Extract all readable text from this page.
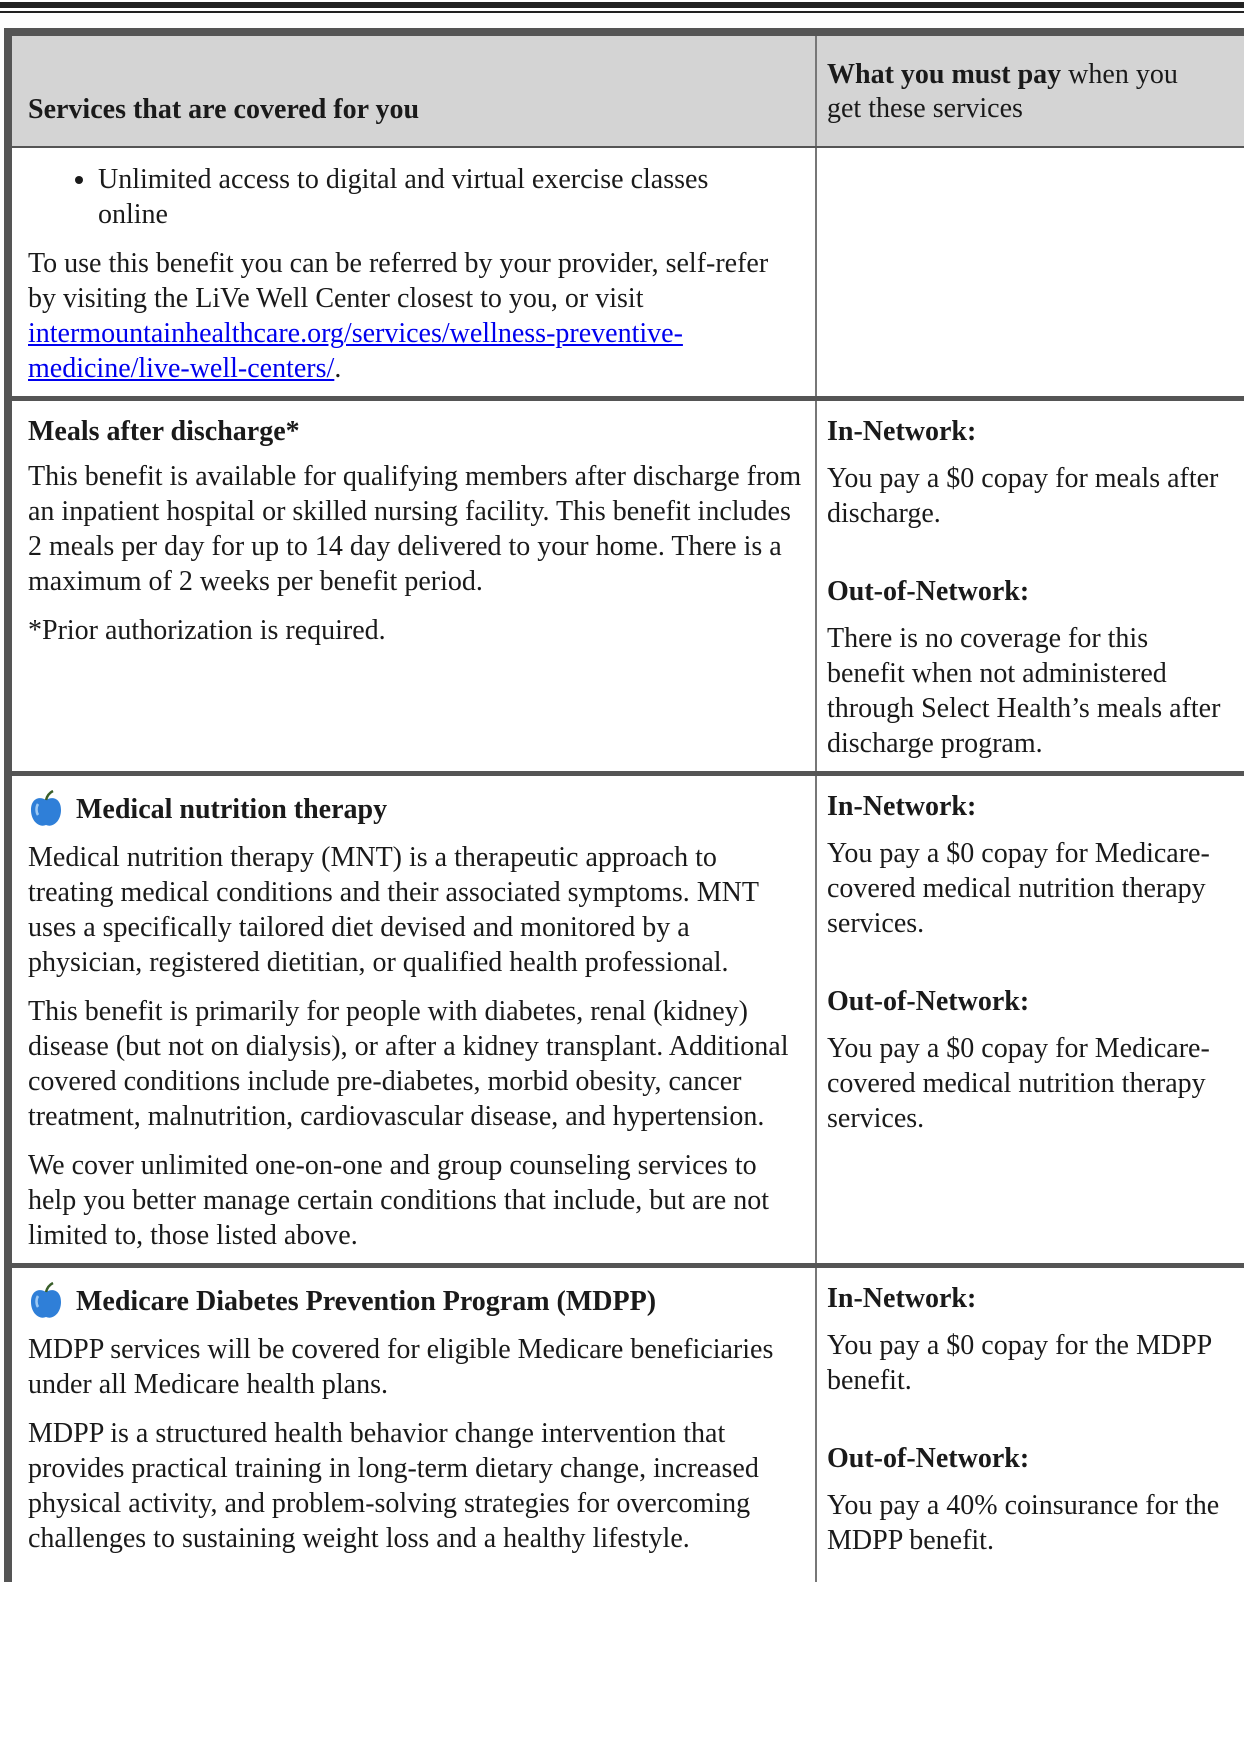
Services that are covered for you
What you must pay when you
get these services
• Unlimited access to digital and virtual exercise classes online

To use this benefit you can be referred by your provider, self-refer by visiting the LiVe Well Center closest to you, or visit intermountainhealthcare.org/services/wellness-preventive-medicine/live-well-centers/.

Meals after discharge*

This benefit is available for qualifying members after discharge from an inpatient hospital or skilled nursing facility. This benefit includes 2 meals per day for up to 14 day delivered to your home. There is a maximum of 2 weeks per benefit period.

*Prior authorization is required.

In-Network:

You pay a $0 copay for meals after discharge.

Out-of-Network:

There is no coverage for this benefit when not administered through Select Health’s meals after discharge program.

Medical nutrition therapy

Medical nutrition therapy (MNT) is a therapeutic approach to treating medical conditions and their associated symptoms. MNT uses a specifically tailored diet devised and monitored by a physician, registered dietitian, or qualified health professional.

This benefit is primarily for people with diabetes, renal (kidney) disease (but not on dialysis), or after a kidney transplant. Additional covered conditions include pre-diabetes, morbid obesity, cancer treatment, malnutrition, cardiovascular disease, and hypertension.

We cover unlimited one-on-one and group counseling services to help you better manage certain conditions that include, but are not limited to, those listed above.

In-Network:

You pay a $0 copay for Medicare-covered medical nutrition therapy services.

Out-of-Network:

You pay a $0 copay for Medicare-covered medical nutrition therapy services.

Medicare Diabetes Prevention Program (MDPP)

MDPP services will be covered for eligible Medicare beneficiaries under all Medicare health plans.

MDPP is a structured health behavior change intervention that provides practical training in long-term dietary change, increased physical activity, and problem-solving strategies for overcoming challenges to sustaining weight loss and a healthy lifestyle.

In-Network:

You pay a $0 copay for the MDPP benefit.

Out-of-Network:

You pay a 40% coinsurance for the MDPP benefit.
